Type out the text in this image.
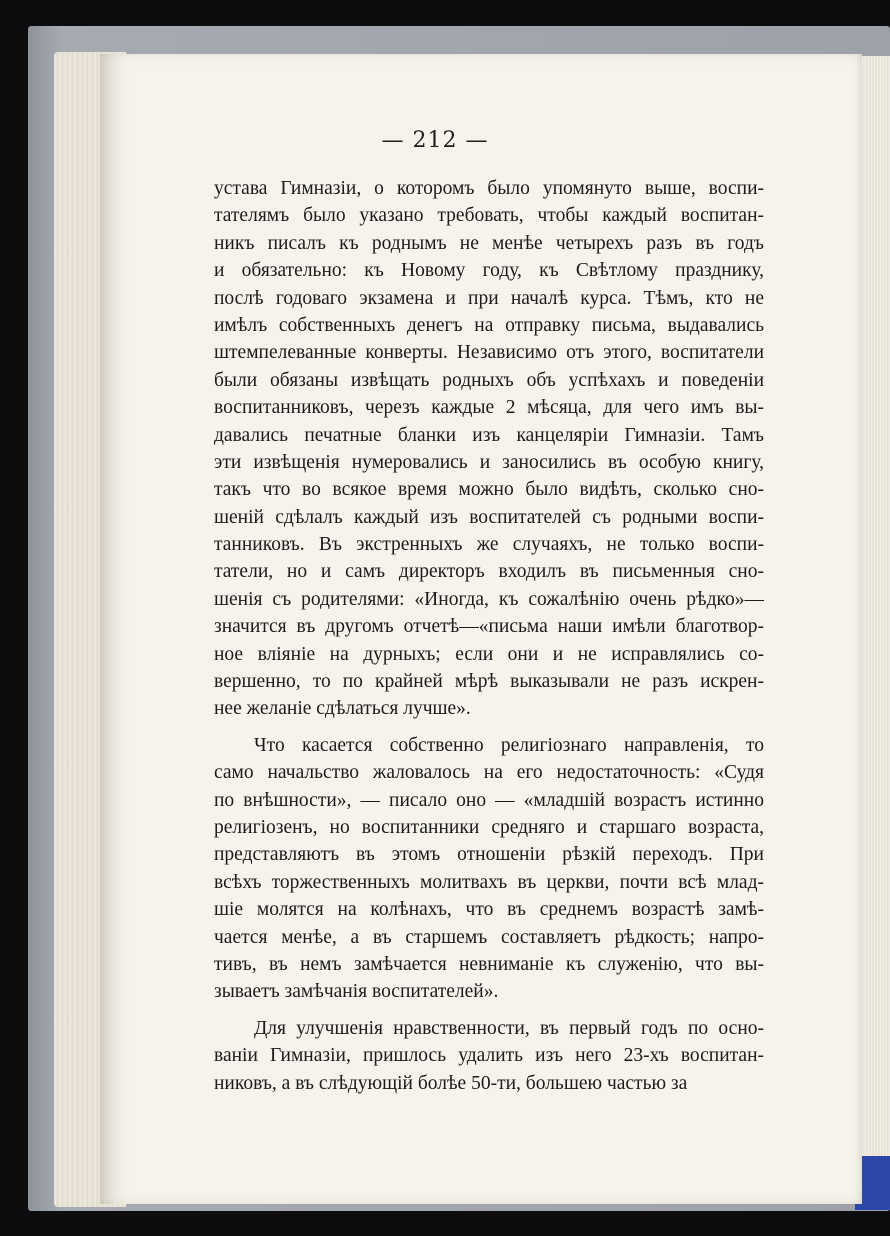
— 212 —
устава Гимназіи, о которомъ было упомянуто выше, воспи-
тателямъ было указано требовать, чтобы каждый воспитан-
никъ писалъ къ роднымъ не менѣе четырехъ разъ въ годъ
и обязательно: къ Новому году, къ Свѣтлому празднику,
послѣ годоваго экзамена и при началѣ курса. Тѣмъ, кто не
имѣлъ собственныхъ денегъ на отправку письма, выдавались
штемпелеванные конверты. Независимо отъ этого, воспитатели
были обязаны извѣщать родныхъ объ успѣхахъ и поведеніи
воспитанниковъ, черезъ каждые 2 мѣсяца, для чего имъ вы-
давались печатные бланки изъ канцеляріи Гимназіи. Тамъ
эти извѣщенія нумеровались и заносились въ особую книгу,
такъ что во всякое время можно было видѣть, сколько сно-
шеній сдѣлалъ каждый изъ воспитателей съ родными воспи-
танниковъ. Въ экстренныхъ же случаяхъ, не только воспи-
татели, но и самъ директоръ входилъ въ письменныя сно-
шенія съ родителями: «Иногда, къ сожалѣнію очень рѣдко»—
значится въ другомъ отчетѣ—«письма наши имѣли благотвор-
ное вліяніе на дурныхъ; если они и не исправлялись со-
вершенно, то по крайней мѣрѣ выказывали не разъ искрен-
нее желаніе сдѣлаться лучше».
Что касается собственно религіознаго направленія, то
само начальство жаловалось на его недостаточность: «Судя
по внѣшности», — писало оно — «младшій возрастъ истинно
религіозенъ, но воспитанники средняго и старшаго возраста,
представляютъ въ этомъ отношеніи рѣзкій переходъ. При
всѣхъ торжественныхъ молитвахъ въ церкви, почти всѣ млад-
шіе молятся на колѣнахъ, что въ среднемъ возрастѣ замѣ-
чается менѣе, а въ старшемъ составляетъ рѣдкость; напро-
тивъ, въ немъ замѣчается невниманіе къ служенію, что вы-
зываетъ замѣчанія воспитателей».
Для улучшенія нравственности, въ первый годъ по осно-
ваніи Гимназіи, пришлось удалить изъ него 23-хъ воспитан-
никовъ, а въ слѣдующій болѣе 50-ти, большею частью за
